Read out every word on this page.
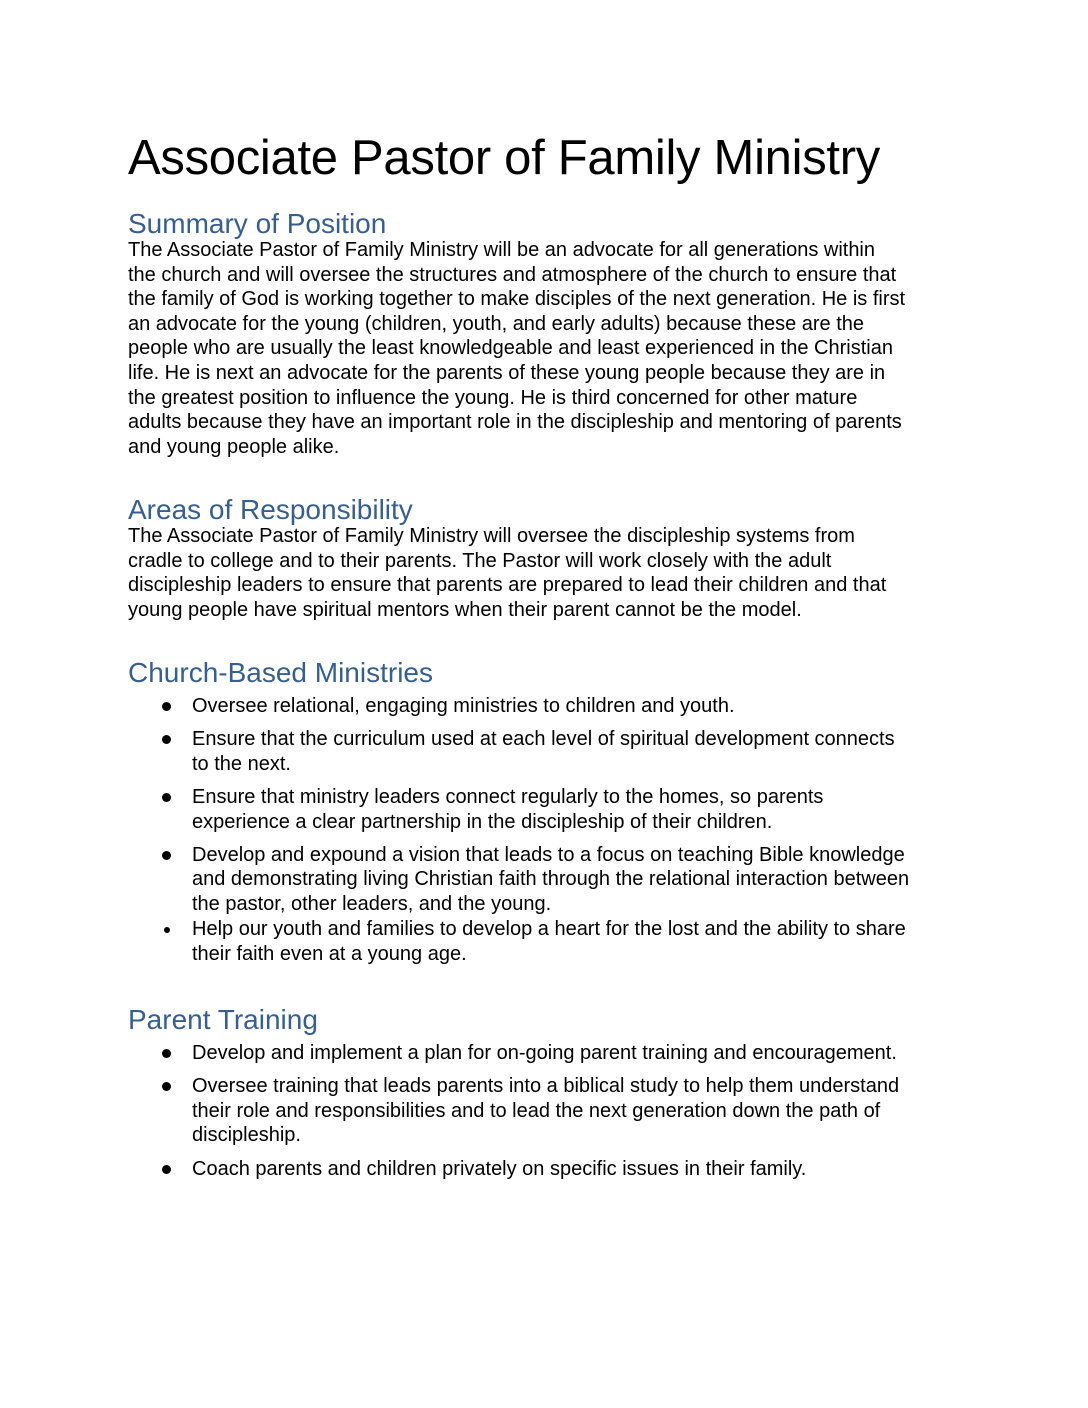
Associate Pastor of Family Ministry
Summary of Position

The Associate Pastor of Family Ministry will be an advocate for all generations within
the church and will oversee the structures and atmosphere of the church to ensure that
the family of God is working together to make disciples of the next generation. He is first
an advocate for the young (children, youth, and early adults) because these are the
people who are usually the least knowledgeable and least experienced in the Christian
life. He is next an advocate for the parents of these young people because they are in
the greatest position to influence the young. He is third concerned for other mature
adults because they have an important role in the discipleship and mentoring of parents
and young people alike.

Areas of Responsibility

The Associate Pastor of Family Ministry will oversee the discipleship systems from
cradle to college and to their parents. The Pastor will work closely with the adult
discipleship leaders to ensure that parents are prepared to lead their children and that
young people have spiritual mentors when their parent cannot be the model.

Church-Based Ministries
Oversee relational, engaging ministries to children and youth.
Ensure that the curriculum used at each level of spiritual development connects
to the next.
Ensure that ministry leaders connect regularly to the homes, so parents
experience a clear partnership in the discipleship of their children.
Develop and expound a vision that leads to a focus on teaching Bible knowledge
and demonstrating living Christian faith through the relational interaction between
the pastor, other leaders, and the young.
Help our youth and families to develop a heart for the lost and the ability to share
their faith even at a young age.
Parent Training
Develop and implement a plan for on-going parent training and encouragement.
Oversee training that leads parents into a biblical study to help them understand
their role and responsibilities and to lead the next generation down the path of
discipleship.
Coach parents and children privately on specific issues in their family.
